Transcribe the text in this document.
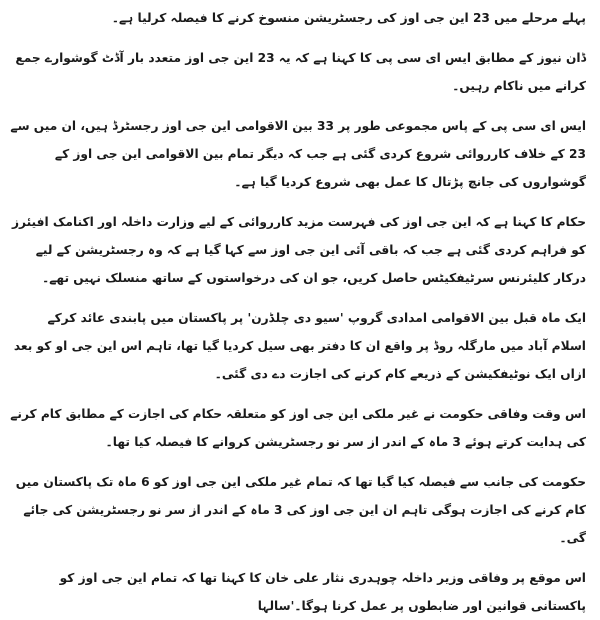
پہلے مرحلے میں 23 این جی اوز کی رجسٹریشن منسوخ کرنے کا فیصلہ کرلیا ہے۔

ڈان نیوز کے مطابق ایس ای سی پی کا کہنا ہے کہ یہ 23 این جی اوز متعدد بار آڈٹ گوشوارے جمع کرانے میں ناکام رہیں۔

ایس ای سی پی کے پاس مجموعی طور پر 33 بین الاقوامی این جی اوز رجسٹرڈ ہیں، ان میں سے 23 کے خلاف کارروائی شروع کردی گئی ہے جب کہ دیگر تمام بین الاقوامی این جی اوز کے گوشواروں کی جانچ پڑتال کا عمل بھی شروع کردیا گیا ہے۔

حکام کا کہنا ہے کہ این جی اوز کی فہرست مزید کارروائی کے لیے وزارت داخلہ اور اکنامک افیئرز کو فراہم کردی گئی ہے جب کہ باقی آئی این جی اوز سے کہا گیا ہے کہ وہ رجسٹریشن کے لیے درکار کلیئرنس سرٹیفکیٹس حاصل کریں، جو ان کی درخواستوں کے ساتھ منسلک نہیں تھے۔

ایک ماہ قبل بین الاقوامی امدادی گروپ 'سیو دی چلڈرن' پر پاکستان میں پابندی عائد کرکے اسلام آباد میں مارگلہ روڈ پر واقع ان کا دفتر بھی سیل کردیا گیا تھا، تاہم اس این جی او کو بعد ازاں ایک نوٹیفکیشن کے ذریعے کام کرنے کی اجازت دے دی گئی۔

اس وقت وفاقی حکومت نے غیر ملکی این جی اوز کو متعلقہ حکام کی اجازت کے مطابق کام کرنے کی ہدایت کرتے ہوئے 3 ماہ کے اندر از سر نو رجسٹریشن کروانے کا فیصلہ کیا تھا۔

حکومت کی جانب سے فیصلہ کیا گیا تھا کہ تمام غیر ملکی این جی اوز کو 6 ماہ تک پاکستان میں کام کرنے کی اجازت ہوگی تاہم ان این جی اوز کی 3 ماہ کے اندر از سر نو رجسٹریشن کی جائے گی۔

اس موقع پر وفاقی وزیر داخلہ چوہدری نثار علی خان کا کہنا تھا کہ تمام این جی اوز کو پاکستانی قوانین اور ضابطوں پر عمل کرنا ہوگا۔'سالہا
